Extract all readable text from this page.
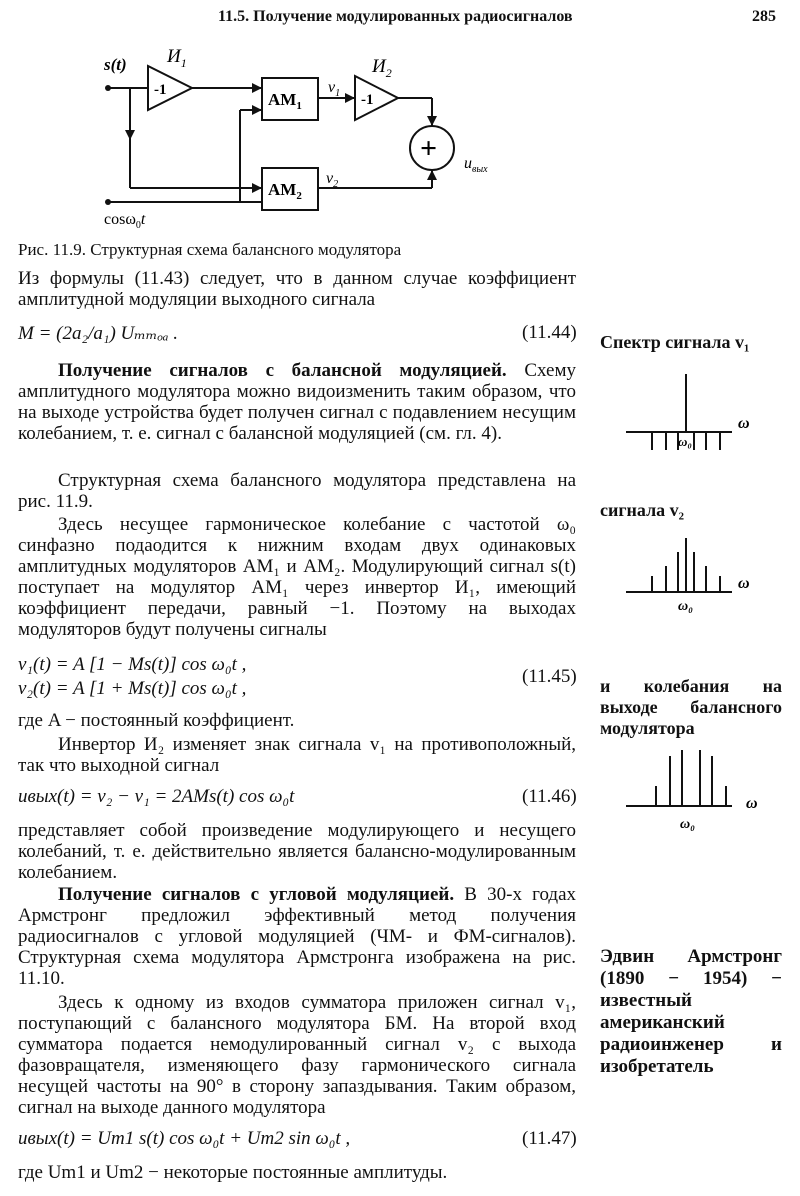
11.5. Получение модулированных радиосигналов	285
s(t) $И_1$
-1
$И_2$
-1
$АМ_1$
$АМ_2$
$v_1$
$v_2$
+ $u_{вых}$
cosω$_0$t
Рис. 11.9. Структурная схема балансного модулятора
Из формулы (11.43) следует, что в данном случае коэффициент амплитудной модуляции выходного сигнала
M = (2a₂/a₁) Uₘₘₒₐ .	(11.44)
Получение сигналов с балансной модуляцией. Схему амплитудного модулятора можно видоизменить таким образом, что на выходе устройства будет получен сигнал с подавлением несущим колебанием, т. е. сигнал с балансной модуляцией (см. гл. 4).
Структурная схема балансного модулятора представлена на рис. 11.9.
Здесь несущее гармоническое колебание с частотой ω₀ синфазно подаодится к нижним входам двух одинаковых амплитудных модуляторов АМ₁ и АМ₂. Модулирующий сигнал s(t) поступает на модулятор АМ₁ через инвертор И₁, имеющий коэффициент передачи, равный −1. Поэтому на выходах модуляторов будут получены сигналы
v₁(t) = A [1 − Ms(t)] cos ω₀t ,
v₂(t) = A [1 + Ms(t)] cos ω₀t ,
(11.45)
где A − постоянный коэффициент.
Инвертор И₂ изменяет знак сигнала v₁ на противоположный, так что выходной сигнал
uвых(t) = v₂ − v₁ = 2AMs(t) cos ω₀t	(11.46)
представляет собой произведение модулирующего и несущего колебаний, т. е. действительно является балансно-модулированным колебанием.
Получение сигналов с угловой модуляцией. В 30-х годах Армстронг предложил эффективный метод получения радиосигналов с угловой модуляцией (ЧМ- и ФМ-сигналов). Структурная схема модулятора Армстронга изображена на рис. 11.10.
Здесь к одному из входов сумматора приложен сигнал v₁, поступающий с балансного модулятора БМ. На второй вход сумматора подается немодулированный сигнал v₂ с выхода фазовращателя, изменяющего фазу гармонического сигнала несущей частоты на 90° в сторону запаздывания. Таким образом, сигнал на выходе данного модулятора
uвых(t) = Um1 s(t) cos ω₀t + Um2 sin ω₀t ,	(11.47)
где Um1 и Um2 − некоторые постоянные амплитуды.
Спектр сигнала v₁
ω
ω₀
сигнала v₂
ω
ω₀
и колебания на выходе балансного модулятора
ω
ω₀
Эдвин Армстронг (1890 − 1954) − известный американский радиоинженер и изобретатель
